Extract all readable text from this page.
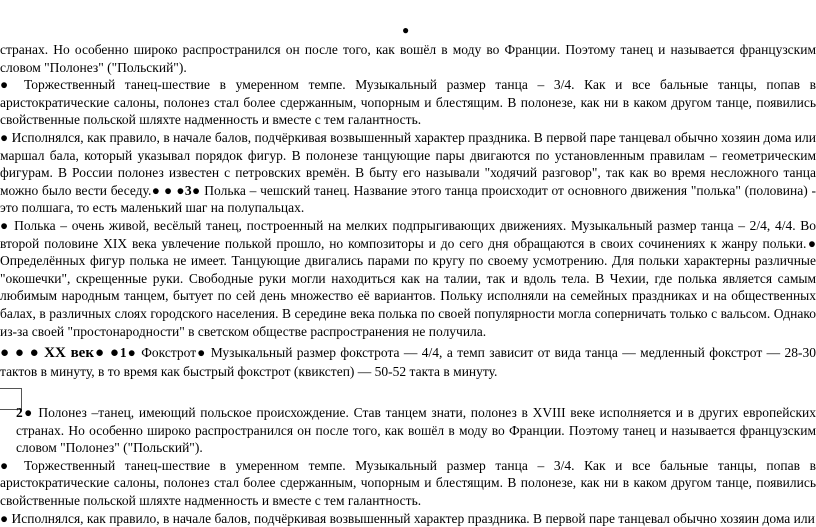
●

странах. Но особенно широко распространился он после того, как вошёл в моду во Франции. Поэтому танец и называется французским словом "Полонез" ("Польский").

● Торжественный танец-шествие в умеренном темпе. Музыкальный размер танца – 3/4. Как и все бальные танцы, попав в аристократические салоны, полонез стал более сдержанным, чопорным и блестящим. В полонезе, как ни в каком другом танце, появились свойственные польской шляхте надменность и вместе с тем галантность.

● Исполнялся, как правило, в начале балов, подчёркивая возвышенный характер праздника. В первой паре танцевал обычно хозяин дома или маршал бала, который указывал порядок фигур. В полонезе танцующие пары двигаются по установленным правилам – геометрическим фигурам. В России полонез известен с петровских времён. В быту его называли "ходячий разговор", так как во время несложного танца можно было вести беседу.● ● ●3● Полька – чешский танец. Название этого танца происходит от основного движения "полька" (половина) - это полшага, то есть маленький шаг на полупальцах.

● Полька – очень живой, весёлый танец, построенный на мелких подпрыгивающих движениях. Музыкальный размер танца – 2/4, 4/4. Во второй половине XIX века увлечение полькой прошло, но композиторы и до сего дня обращаются в своих сочинениях к жанру польки.● Определённых фигур полька не имеет. Танцующие двигались парами по кругу по своему усмотрению. Для польки характерны различные "окошечки", скрещенные руки. Свободные руки могли находиться как на талии, так и вдоль тела. В Чехии, где полька является самым любимым народным танцем, бытует по сей день множество её вариантов. Польку исполняли на семейных праздниках и на общественных балах, в различных слоях городского населения. В середине века полька по своей популярности могла соперничать только с вальсом. Однако из-за своей "простонародности" в светском обществе распространения не получила.

● ● ● XX век● ●1● Фокстрот● Музыкальный размер фокстрота — 4/4, а темп зависит от вида танца — медленный фокстрот — 28-30 тактов в минуту, в то время как быстрый фокстрот (квикстеп) — 50-52 такта в минуту.

2● Полонез –танец, имеющий польское происхождение. Став танцем знати, полонез в XVIII веке исполняется и в других европейских странах. Но особенно широко распространился он после того, как вошёл в моду во Франции. Поэтому танец и называется французским словом "Полонез" ("Польский").

● Торжественный танец-шествие в умеренном темпе. Музыкальный размер танца – 3/4. Как и все бальные танцы, попав в аристократические салоны, полонез стал более сдержанным, чопорным и блестящим. В полонезе, как ни в каком другом танце, появились свойственные польской шляхте надменность и вместе с тем галантность.

● Исполнялся, как правило, в начале балов, подчёркивая возвышенный характер праздника. В первой паре танцевал обычно хозяин дома или
